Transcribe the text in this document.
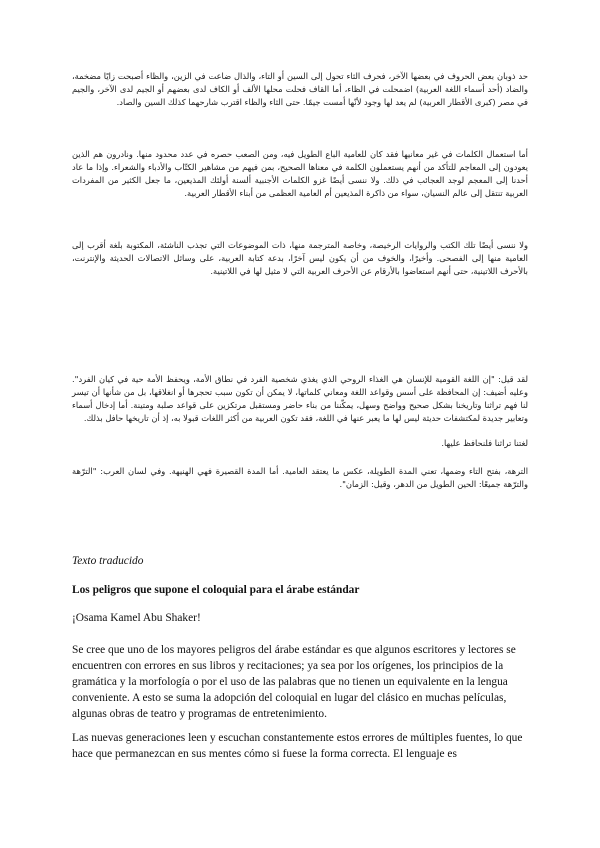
حد ذوبان بعض الحروف في بعضها الآخر، فحرف الثاء تحول إلى السين أو التاء، والذال ضاعت في الزين، والظاء أصبحت زايًا مضخمة، والضاد (أحد أسماء اللغة العربية) اضمحلت في الظاء، أما القاف فحلت محلها الألف أو الكاف لدى بعضهم أو الجيم لدى الآخر، والجيم في مصر (كبرى الأقطار العربية) لم يعد لها وجود لأنّها أمست جيمًا. حتى الثاء والظاء اقترب شارحهما كذلك السين والصاد.

أما استعمال الكلمات في غير معانيها فقد كان للعامية الباع الطويل فيه، ومن الصعب حصره في عدد محدود منها. ونادرون هم الذين يعودون إلى المعاجم للتأكد من أنهم يستعملون الكلمة في معناها الصحيح، بمن فيهم من مشاهير الكتّاب والأدباء والشعراء. وإذا ما عاد أحدنا إلى المعجم لوجد العجائب في ذلك. ولا ننسى أيضًا غزو الكلمات الأجنبية ألسنة أولئك المذيعين، ما جعل الكثير من المفردات العربية تنتقل إلى عالم النسيان، سواء من ذاكرة المذيعين أم العامية العظمى من أبناء الأقطار العربية.

ولا ننسى أيضًا تلك الكتب والروايات الرخيصة، وخاصة المترجمة منها، ذات الموضوعات التي تجذب الناشئة، المكتوبة بلغة أقرب إلى العامية منها إلى الفصحى. وأخيرًا، والخوف من أن يكون ليس آخرًا، بدعة كتابة العربية، على وسائل الاتصالات الحديثة والإنترنت، بالأحرف اللاتينية، حتى أنهم استعاضوا بالأرقام عن الأحرف العربية التي لا مثيل لها في اللاتينية.

لقد قيل: "إن اللغة القومية للإنسان هي الغذاء الروحي الذي يغذي شخصية الفرد في نطاق الأمة، ويحفظ الأمة حية في كيان الفرد". وعليه أضيف: إن المحافظة على أسس وقواعد اللغة ومعاني كلماتها، لا يمكن أن تكون سبب تحجرها أو انغلاقها، بل من شأنها أن تيسر لنا فهم تراثنا وتاريخنا بشكل صحيح وواضح وسهل، يمكّننا من بناء حاضر ومستقبل مرتكزين على قواعد صلبة ومتينة. أما إدخال أسماء وتعابير جديدة لمكتشفات حديثة ليس لها ما يعبر عنها في اللغة، فقد تكون العربية من أكثر اللغات قبولا به، إذ أن تاريخها حافل بذلك.

لغتنا تراثنا فلنحافظ عليها.

الترهة، بفتح التاء وضمها، تعني المدة الطويلة، عكس ما يعتقد العامية. أما المدة القصيرة فهي الهنيهة. وفي لسان العرب: "الترّهة والترّهة جميعًا: الحين الطويل من الدهر، وقيل: الزمان".

Texto traducido

Los peligros que supone el coloquial para el árabe estándar

¡Osama Kamel Abu Shaker!

Se cree que uno de los mayores peligros del árabe estándar es que algunos escritores y lectores se encuentren con errores en sus libros y recitaciones; ya sea por los orígenes, los principios de la gramática y la morfología o por el uso de las palabras que no tienen un equivalente en la lengua conveniente. A esto se suma la adopción del coloquial en lugar del clásico en muchas películas, algunas obras de teatro y programas de entretenimiento.

Las nuevas generaciones leen y escuchan constantemente estos errores de múltiples fuentes, lo que hace que permanezcan en sus mentes cómo si fuese la forma correcta. El lenguaje es
